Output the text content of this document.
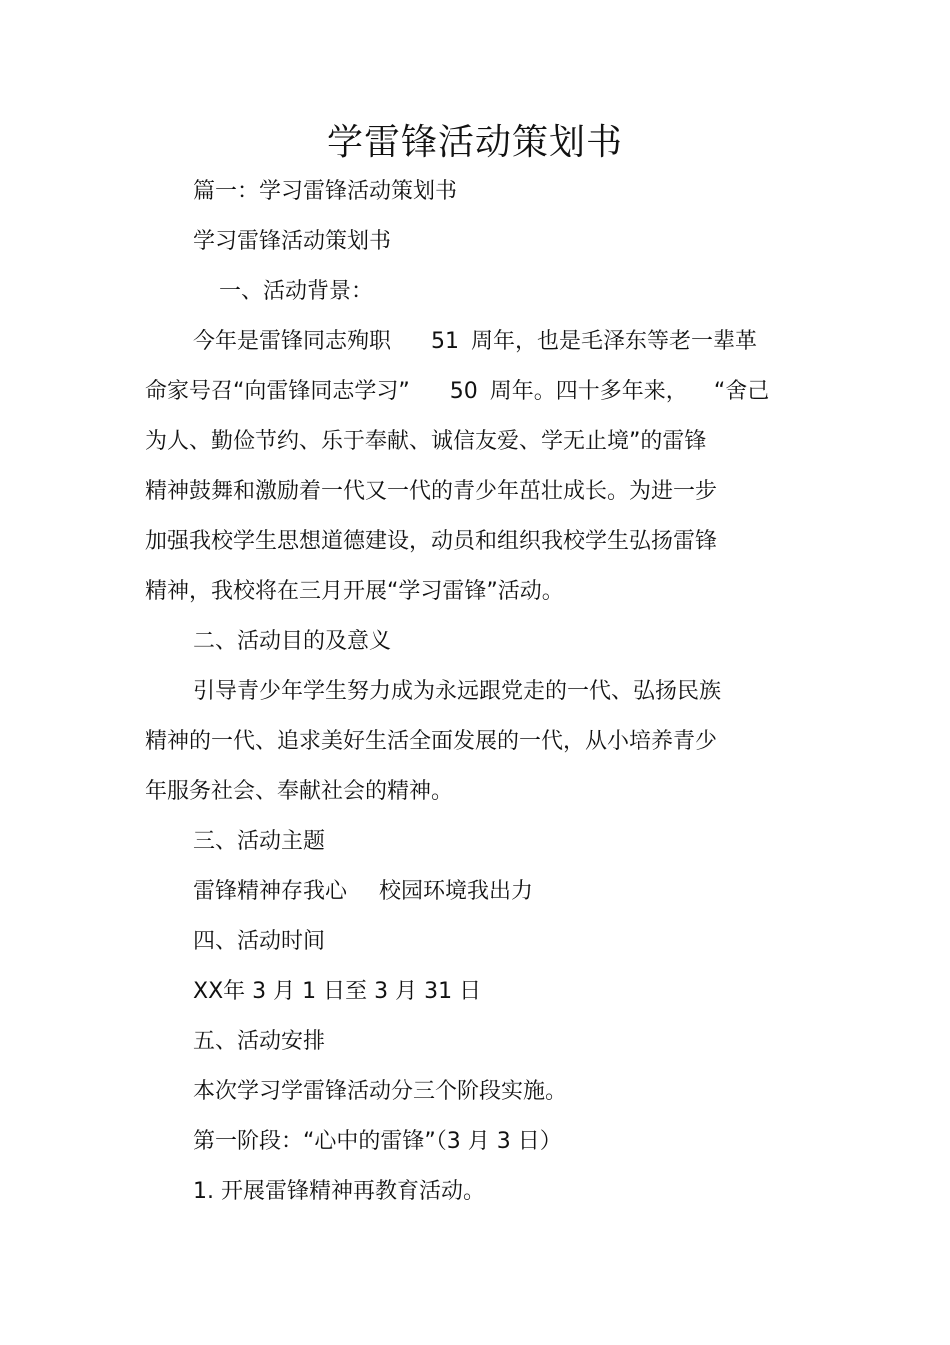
学雷锋活动策划书
篇一：学习雷锋活动策划书
学习雷锋活动策划书
一、活动背景：
今年是雷锋同志殉职 51 周年，也是毛泽东等老一辈革
命家号召“向雷锋同志学习” 50 周年。四十多年来， “舍己
为人、勤俭节约、乐于奉献、诚信友爱、学无止境”的雷锋
精神鼓舞和激励着一代又一代的青少年茁壮成长。为进一步
加强我校学生思想道德建设，动员和组织我校学生弘扬雷锋
精神，我校将在三月开展“学习雷锋”活动。
二、活动目的及意义
引导青少年学生努力成为永远跟党走的一代、弘扬民族
精神的一代、追求美好生活全面发展的一代，从小培养青少
年服务社会、奉献社会的精神。
三、活动主题
雷锋精神存我心 校园环境我出力
四、活动时间
XX年 3 月 1 日至 3 月 31 日
五、活动安排
本次学习学雷锋活动分三个阶段实施。
第一阶段：“心中的雷锋”（3 月 3 日）
1. 开展雷锋精神再教育活动。
